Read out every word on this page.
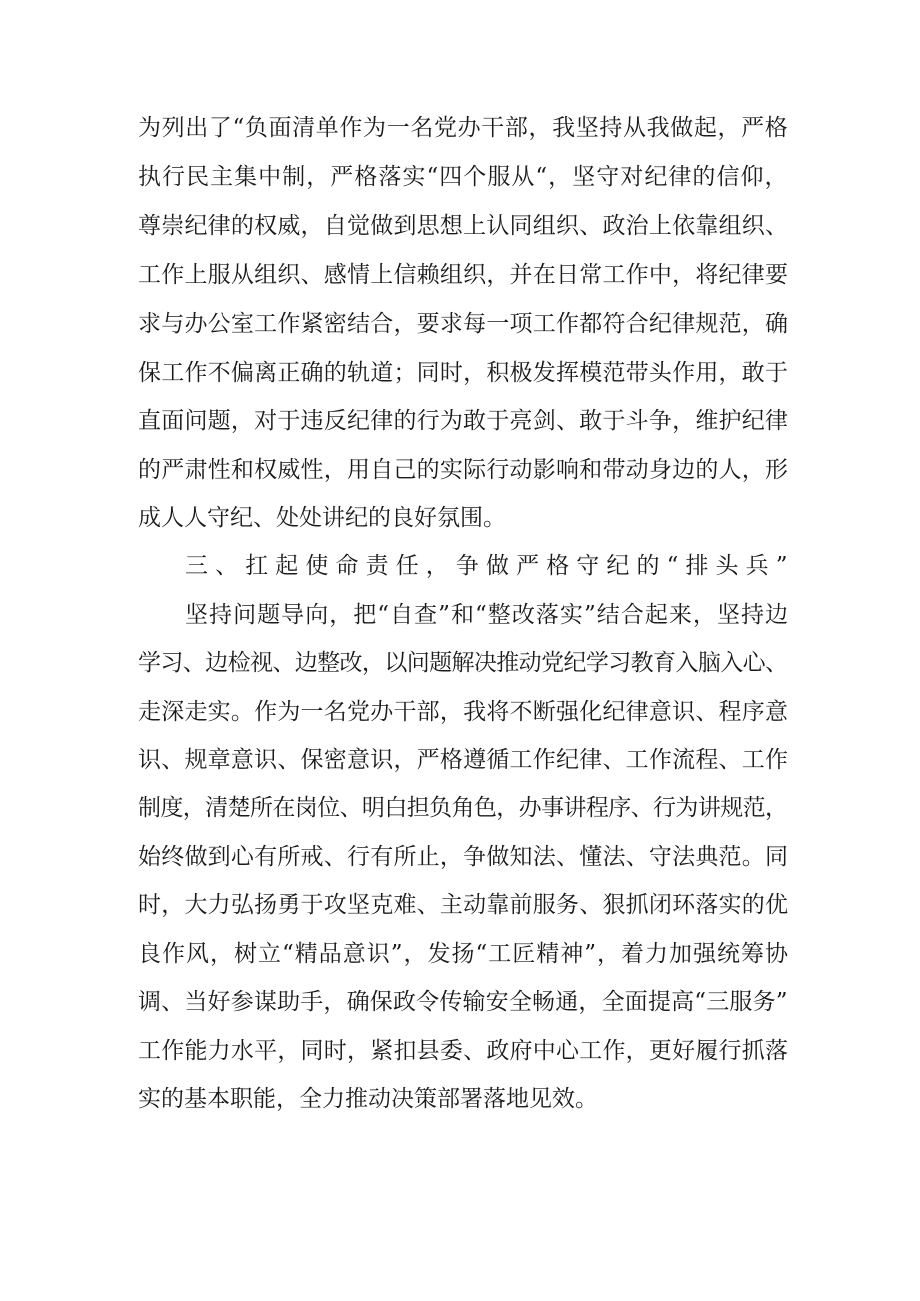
为列出了“负面清单作为一名党办干部，我坚持从我做起，严格
执行民主集中制，严格落实“四个服从“，坚守对纪律的信仰，
尊崇纪律的权威，自觉做到思想上认同组织、政治上依靠组织、
工作上服从组织、感情上信赖组织，并在日常工作中，将纪律要
求与办公室工作紧密结合，要求每一项工作都符合纪律规范，确
保工作不偏离正确的轨道；同时，积极发挥模范带头作用，敢于
直面问题，对于违反纪律的行为敢于亮剑、敢于斗争，维护纪律
的严肃性和权威性，用自己的实际行动影响和带动身边的人，形
成人人守纪、处处讲纪的良好氛围。
三、扛起使命责任，争做严格守纪的“排头兵”
坚持问题导向，把“自查”和“整改落实”结合起来，坚持边
学习、边检视、边整改，以问题解决推动党纪学习教育入脑入心、
走深走实。作为一名党办干部，我将不断强化纪律意识、程序意
识、规章意识、保密意识，严格遵循工作纪律、工作流程、工作
制度，清楚所在岗位、明白担负角色，办事讲程序、行为讲规范，
始终做到心有所戒、行有所止，争做知法、懂法、守法典范。同
时，大力弘扬勇于攻坚克难、主动靠前服务、狠抓闭环落实的优
良作风，树立“精品意识”，发扬“工匠精神”，着力加强统筹协
调、当好参谋助手，确保政令传输安全畅通，全面提高“三服务”
工作能力水平，同时，紧扣县委、政府中心工作，更好履行抓落
实的基本职能，全力推动决策部署落地见效。
